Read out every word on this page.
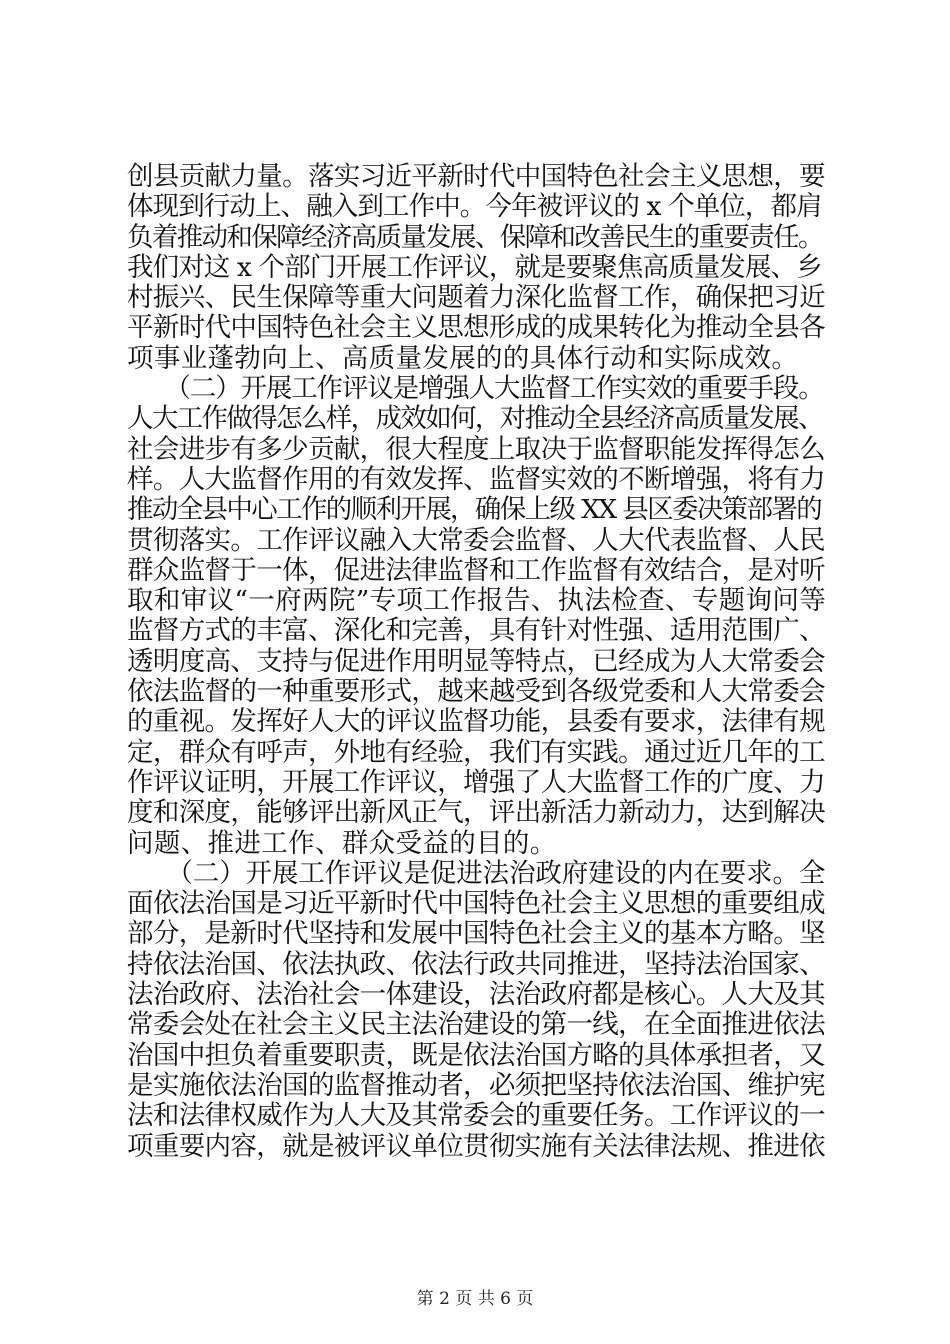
创县贡献力量。落实习近平新时代中国特色社会主义思想，要
体现到行动上、融入到工作中。今年被评议的 x 个单位，都肩
负着推动和保障经济高质量发展、保障和改善民生的重要责任。
我们对这 x 个部门开展工作评议，就是要聚焦高质量发展、乡
村振兴、民生保障等重大问题着力深化监督工作，确保把习近
平新时代中国特色社会主义思想形成的成果转化为推动全县各
项事业蓬勃向上、高质量发展的的具体行动和实际成效。
　　（二）开展工作评议是增强人大监督工作实效的重要手段。
人大工作做得怎么样，成效如何，对推动全县经济高质量发展、
社会进步有多少贡献，很大程度上取决于监督职能发挥得怎么
样。人大监督作用的有效发挥、监督实效的不断增强，将有力
推动全县中心工作的顺利开展，确保上级 XX 县区委决策部署的
贯彻落实。工作评议融入大常委会监督、人大代表监督、人民
群众监督于一体，促进法律监督和工作监督有效结合，是对听
取和审议“一府两院”专项工作报告、执法检查、专题询问等
监督方式的丰富、深化和完善，具有针对性强、适用范围广、
透明度高、支持与促进作用明显等特点，已经成为人大常委会
依法监督的一种重要形式，越来越受到各级党委和人大常委会
的重视。发挥好人大的评议监督功能，县委有要求，法律有规
定，群众有呼声，外地有经验，我们有实践。通过近几年的工
作评议证明，开展工作评议，增强了人大监督工作的广度、力
度和深度，能够评出新风正气，评出新活力新动力，达到解决
问题、推进工作、群众受益的目的。
　　（二）开展工作评议是促进法治政府建设的内在要求。全
面依法治国是习近平新时代中国特色社会主义思想的重要组成
部分，是新时代坚持和发展中国特色社会主义的基本方略。坚
持依法治国、依法执政、依法行政共同推进，坚持法治国家、
法治政府、法治社会一体建设，法治政府都是核心。人大及其
常委会处在社会主义民主法治建设的第一线，在全面推进依法
治国中担负着重要职责，既是依法治国方略的具体承担者，又
是实施依法治国的监督推动者，必须把坚持依法治国、维护宪
法和法律权威作为人大及其常委会的重要任务。工作评议的一
项重要内容，就是被评议单位贯彻实施有关法律法规、推进依
第 2 页 共 6 页
